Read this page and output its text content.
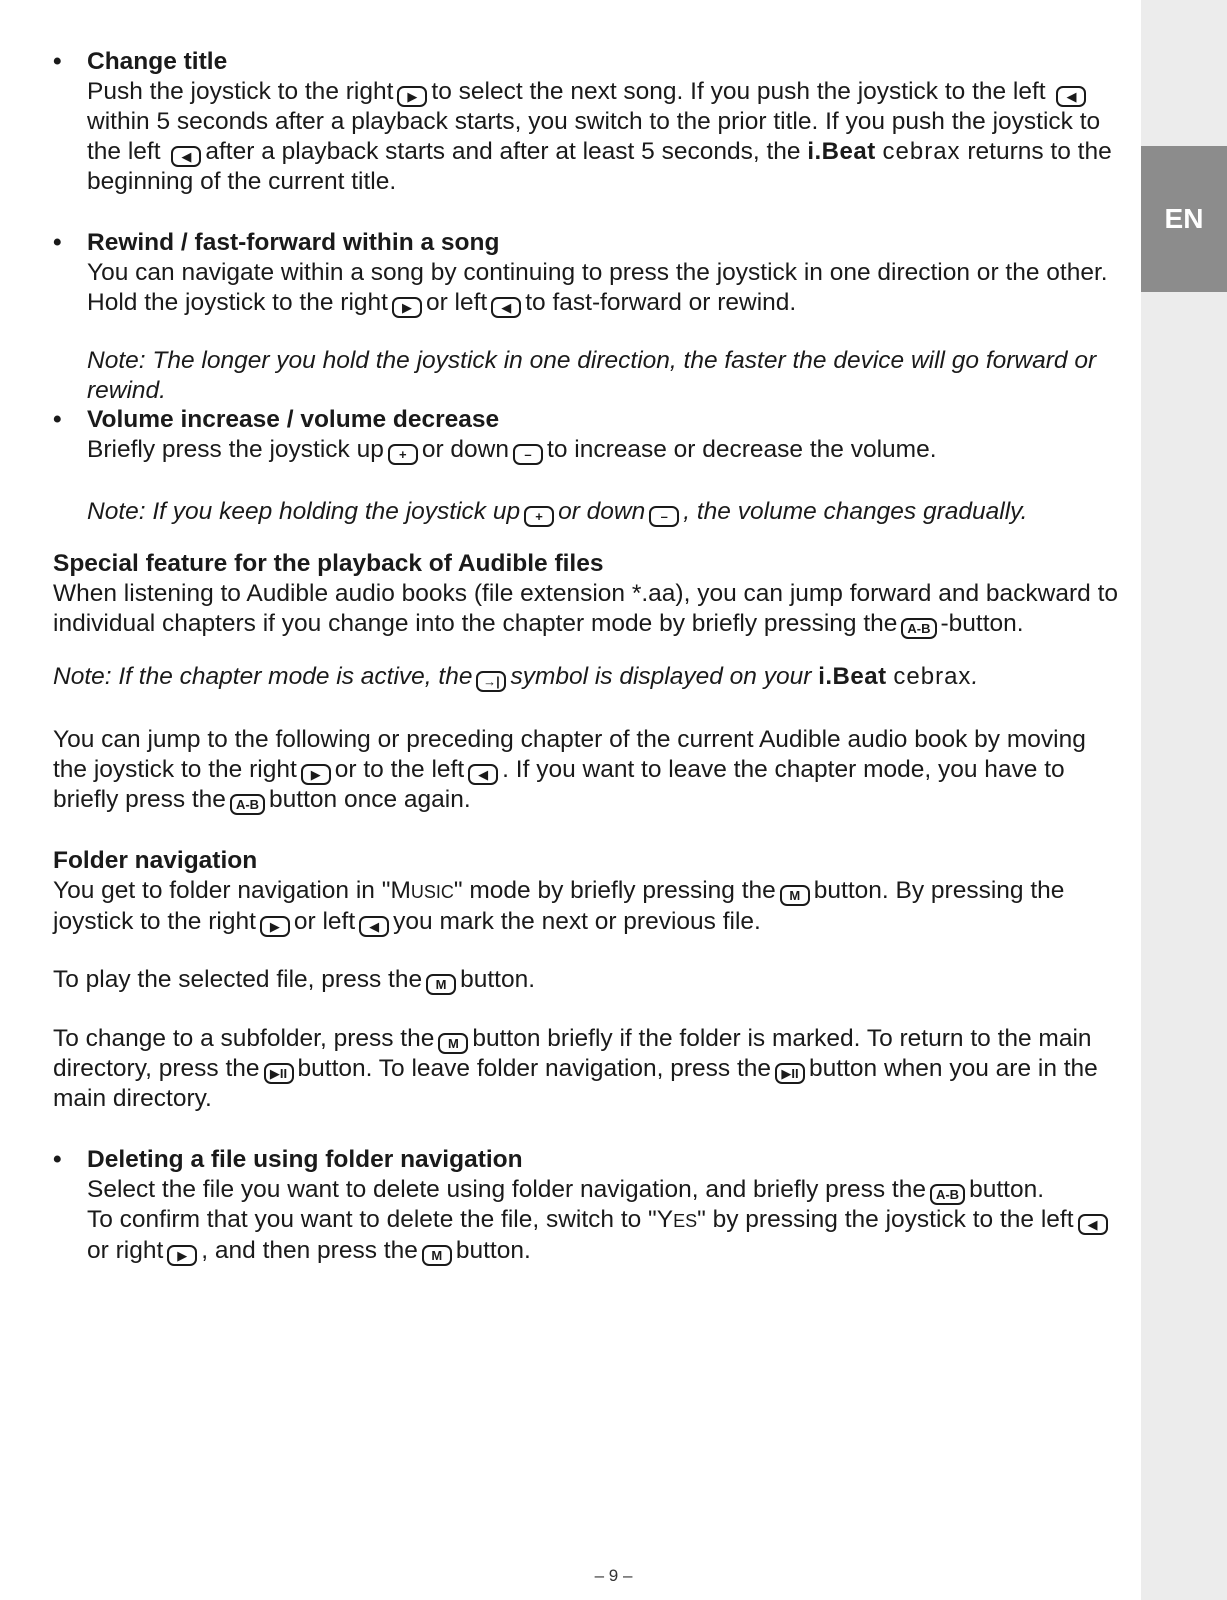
EN
• Change title
Push the joystick to the right ▶ to select the next song. If you push the joystick to the left ◀within 5 seconds after a playback starts, you switch to the prior title. If you push the joystick to the left ◀ after a playback starts and after at least 5 seconds, the i.Beat cebrax returns to the beginning of the current title.
• Rewind / fast-forward within a song
You can navigate within a song by continuing to press the joystick in one direction or the other. Hold the joystick to the right ▶ or left ◀ to fast-forward or rewind.
Note: The longer you hold the joystick in one direction, the faster the device will go forward or rewind.
• Volume increase / volume decrease
Briefly press the joystick up + or down – to increase or decrease the volume.
Note: If you keep holding the joystick up + or down – , the volume changes gradually.
Special feature for the playback of Audible files
When listening to Audible audio books (file extension *.aa), you can jump forward and backward to individual chapters if you change into the chapter mode by briefly pressing the A-B -button.
Note: If the chapter mode is active, the →| symbol is displayed on your i.Beat cebrax.
You can jump to the following or preceding chapter of the current Audible audio book by moving the joystick to the right ▶ or to the left ◀ . If you want to leave the chapter mode, you have to briefly press the A-B button once again.
Folder navigation
You get to folder navigation in "MUSIC" mode by briefly pressing the M button. By pressing the joystick to the right ▶ or left ◀ you mark the next or previous file.
To play the selected file, press the M button.
To change to a subfolder, press the M button briefly if the folder is marked. To return to the main directory, press the ▶II button. To leave folder navigation, press the ▶II button when you are in the main directory.
• Deleting a file using folder navigation
Select the file you want to delete using folder navigation, and briefly press the A-B button.
To confirm that you want to delete the file, switch to "YES" by pressing the joystick to the left ◀or right ▶ , and then press the M button.
– 9 –
